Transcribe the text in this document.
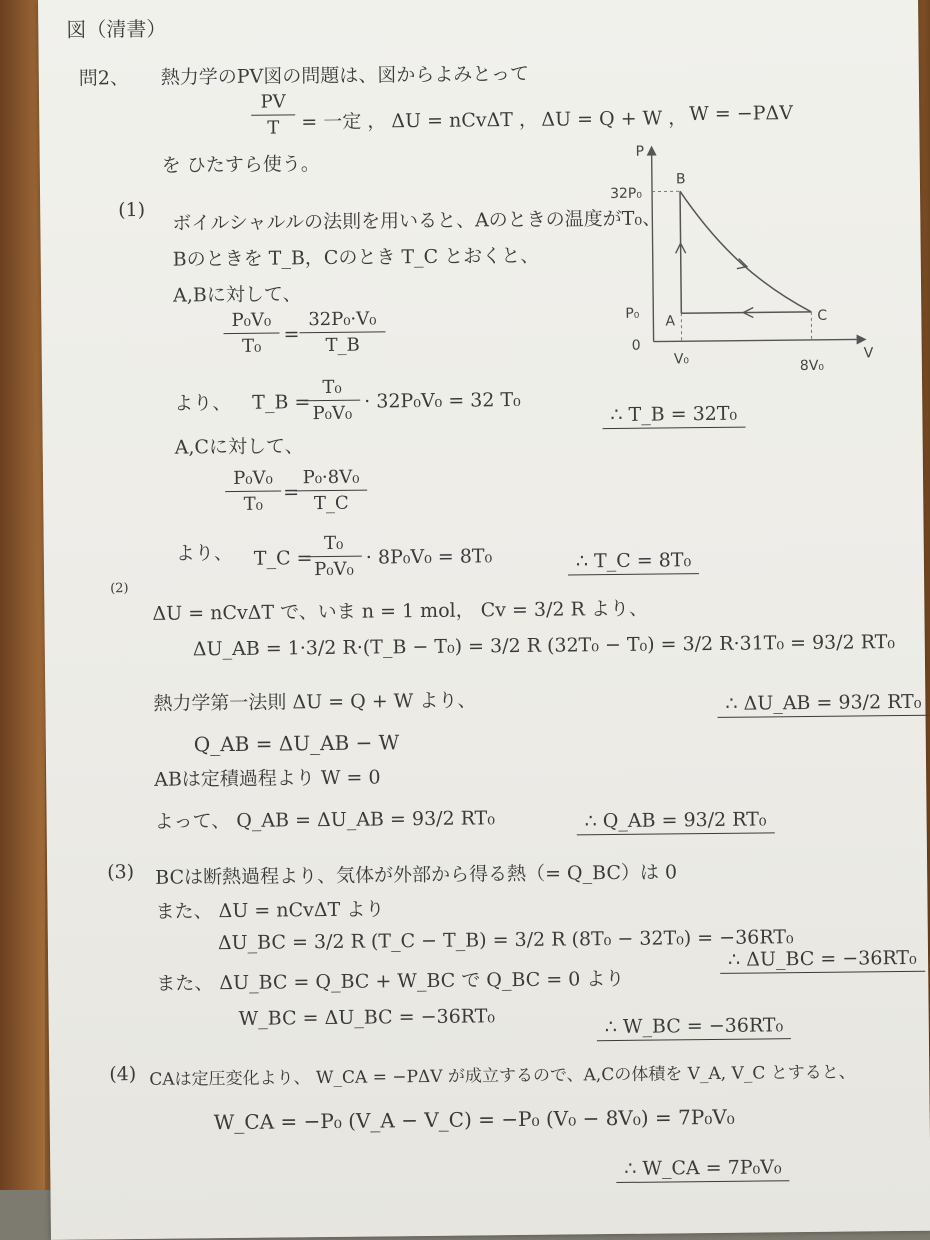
図（清書）
問2、 熱力学のPV図の問題は、図からよみとって
$\frac{PV}{T}$ = 一定 ， ΔU = nCvΔT ， ΔU = Q + W ， W = −PΔV
を ひたすら使う。
P
V
0
32P₀
P₀
V₀	8V₀
A
B
C
(1) ボイルシャルルの法則を用いると、Aのときの温度がT₀、
Bのときを T_B，Cのとき T_C とおくと、
A,Bに対して、
$\frac{\text{P₀V₀}}{\text{T₀}} = \frac{\text{32P₀·V₀}}{T\_B}$
より、 T_B =
$\frac{\text{T₀}}{\text{P₀V₀}} \cdot 32P_0V_0 = 32$ T₀
∴ T_B = 32T₀
A,Cに対して、
$\frac{\text{P₀V₀}}{\text{T₀}}$ =
$\frac{\text{P₀·8V₀}}{T\_C}$
より、 T_C =
$\frac{\text{T₀}}{\text{P₀V₀}} \cdot 8P_0V_0 = 8T_0$	∴ T_C = 8T₀
(2)
ΔU = nCvΔT で、いま n = 1 mol， Cv = 3/2 R より、
ΔU_AB = 1·3/2 R·(T_B − T₀) = 3/2 R (32T₀ − T₀) = 3/2 R·31T₀ = 93/2 RT₀
∴ ΔU_AB = 93/2 RT₀
熱力学第一法則 ΔU = Q + W より、
Q_AB = ΔU_AB − W
ABは定積過程より W = 0
よって、 Q_AB = ΔU_AB = 93/2 RT₀	∴ Q_AB = 93/2 RT₀
(3) BCは断熱過程より、気体が外部から得る熱（= Q_BC）は 0
また、 ΔU = nCvΔT より
ΔU_BC = 3/2 R (T_C − T_B) = 3/2 R (8T₀ − 32T₀) = −36RT₀
∴ ΔU_BC = −36RT₀
また、 ΔU_BC = Q_BC + W_BC で Q_BC = 0 より
W_BC = ΔU_BC = −36RT₀	∴ W_BC = −36RT₀
(4) CAは定圧変化より、 W_CA = −PΔV が成立するので、A,Cの体積を V_A, V_C とすると、
W_CA = −P₀ (V_A − V_C) = −P₀ (V₀ − 8V₀) = 7P₀V₀
∴ W_CA = 7P₀V₀
